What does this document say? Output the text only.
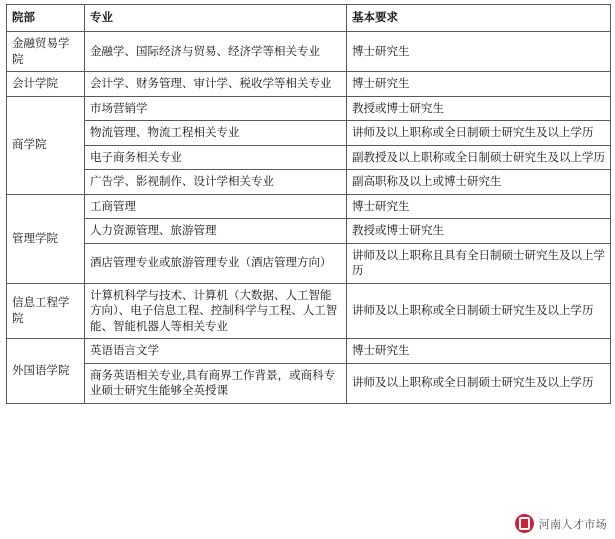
院部	专业	基本要求
金融贸易学院	金融学、国际经济与贸易、经济学等相关专业	博士研究生
会计学院	会计学、财务管理、审计学、税收学等相关专业	博士研究生
商学院	市场营销学	教授或博士研究生
	物流管理、物流工程相关专业	讲师及以上职称或全日制硕士研究生及以上学历
	电子商务相关专业	副教授及以上职称或全日制硕士研究生及以上学历
	广告学、影视制作、设计学相关专业	副高职称及以上或博士研究生
管理学院	工商管理	博士研究生
	人力资源管理、旅游管理	教授或博士研究生
	酒店管理专业或旅游管理专业（酒店管理方向）	讲师及以上职称且具有全日制硕士研究生及以上学历
信息工程学院	计算机科学与技术、计算机（大数据、人工智能方向）、电子信息工程、控制科学与工程、人工智能、智能机器人等相关专业	讲师及以上职称或全日制硕士研究生及以上学历
外国语学院	英语语言文学	博士研究生
	商务英语相关专业,具有商界工作背景，或商科专业硕士研究生能够全英授课	讲师及以上职称或全日制硕士研究生及以上学历
河南人才市场
